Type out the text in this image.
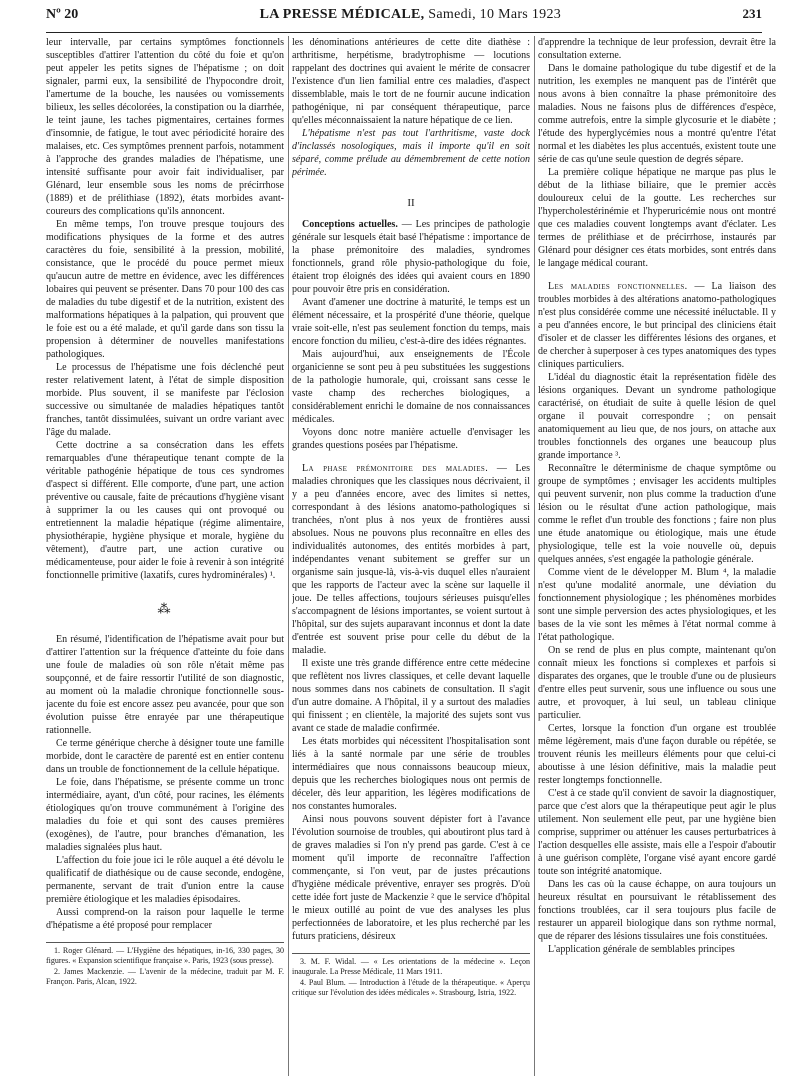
Nº 20	LA PRESSE MÉDICALE, Samedi, 10 Mars 1923	231

leur intervalle, par certains symptômes fonctionnels susceptibles d'attirer l'attention du côté du foie et qu'on peut appeler les petits signes de l'hépatisme ; on doit signaler, parmi eux, la sensibilité de l'hypocondre droit, l'amertume de la bouche, les nausées ou vomissements bilieux, les selles décolorées, la constipation ou la diarrhée, le teint jaune, les taches pigmentaires, certaines formes d'insomnie, de fatigue, le tout avec périodicité horaire des malaises, etc. Ces symptômes prennent parfois, notamment à l'approche des grandes maladies de l'hépatisme, une intensité suffisante pour avoir fait individualiser, par Glénard, leur ensemble sous les noms de précirrhose (1889) et de prélithiase (1892), états morbides avant-coureurs des complications qu'ils annoncent.

En même temps, l'on trouve presque toujours des modifications physiques de la forme et des autres caractères du foie, sensibilité à la pression, mobilité, consistance, que le procédé du pouce permet mieux qu'aucun autre de mettre en évidence, avec les différences lobaires qui peuvent se présenter. Dans 70 pour 100 des cas de maladies du tube digestif et de la nutrition, existent des malformations hépatiques à la palpation, qui prouvent que le foie est ou a été malade, et qu'il garde dans son tissu la propension à déterminer de nouvelles manifestations pathologiques.

Le processus de l'hépatisme une fois déclenché peut rester relativement latent, à l'état de simple disposition morbide. Plus souvent, il se manifeste par l'éclosion successive ou simultanée de maladies hépatiques tantôt franches, tantôt dissimulées, suivant un ordre variant avec l'âge du malade.

Cette doctrine a sa consécration dans les effets remarquables d'une thérapeutique tenant compte de la véritable pathogénie hépatique de tous ces syndromes d'aspect si différent. Elle comporte, d'une part, une action préventive ou causale, faite de précautions d'hygiène visant à supprimer la ou les causes qui ont provoqué ou entretiennent la maladie hépatique (régime alimentaire, physiothérapie, hygiène physique et morale, hygiène du vêtement), d'autre part, une action curative ou médicamenteuse, pour aider le foie à revenir à son intégrité fonctionnelle primitive (laxatifs, cures hydrominérales) ¹.

⁂

En résumé, l'identification de l'hépatisme avait pour but d'attirer l'attention sur la fréquence d'atteinte du foie dans une foule de maladies où son rôle n'était même pas soupçonné, et de faire ressortir l'utilité de son diagnostic, au moment où la maladie chronique fonctionnelle sous-jacente du foie est encore assez peu avancée, pour que son évolution puisse être enrayée par une thérapeutique rationnelle.

Ce terme générique cherche à désigner toute une famille morbide, dont le caractère de parenté est en entier contenu dans un trouble de fonctionnement de la cellule hépatique.

Le foie, dans l'hépatisme, se présente comme un tronc intermédiaire, ayant, d'un côté, pour racines, les éléments étiologiques qu'on trouve communément à l'origine des maladies du foie et qui sont des causes premières (exogènes), de l'autre, pour branches d'émanation, les maladies signalées plus haut.

L'affection du foie joue ici le rôle auquel a été dévolu le qualificatif de diathésique ou de cause seconde, endogène, permanente, servant de trait d'union entre la cause première étiologique et les maladies épisodaires.

Aussi comprend-on la raison pour laquelle le terme d'hépatisme a été proposé pour remplacer

1. Roger Glénard. — L'Hygiène des hépatiques, in-16, 330 pages, 30 figures. « Expansion scientifique française ». Paris, 1923 (sous presse).

2. James Mackenzie. — L'avenir de la médecine, traduit par M. F. Françon. Paris, Alcan, 1922.

les dénominations antérieures de cette dite diathèse : arthritisme, herpétisme, bradytrophisme — locutions rappelant des doctrines qui avaient le mérite de consacrer l'existence d'un lien familial entre ces maladies, d'aspect dissemblable, mais le tort de ne fournir aucune indication pathogénique, ni par conséquent thérapeutique, parce qu'elles méconnaissaient la nature hépatique de ce lien.

L'hépatisme n'est pas tout l'arthritisme, vaste dock d'inclassés nosologiques, mais il importe qu'il en soit séparé, comme prélude au démembrement de cette notion périmée.

II

Conceptions actuelles. — Les principes de pathologie générale sur lesquels était basé l'hépatisme : importance de la phase prémonitoire des maladies, syndromes fonctionnels, grand rôle physio-pathologique du foie, étaient trop éloignés des idées qui avaient cours en 1890 pour pouvoir être pris en considération.

Avant d'amener une doctrine à maturité, le temps est un élément nécessaire, et la prospérité d'une théorie, quelque vraie soit-elle, n'est pas seulement fonction du temps, mais encore fonction du milieu, c'est-à-dire des idées régnantes.

Mais aujourd'hui, aux enseignements de l'École organicienne se sont peu à peu substituées les suggestions de la pathologie humorale, qui, croissant sans cesse le vaste champ des recherches biologiques, a considérablement enrichi le domaine de nos connaissances médicales.

Voyons donc notre manière actuelle d'envisager les grandes questions posées par l'hépatisme.

La phase prémonitoire des maladies. — Les maladies chroniques que les classiques nous décrivaient, il y a peu d'années encore, avec des limites si nettes, correspondant à des lésions anatomo-pathologiques si tranchées, n'ont plus à nos yeux de frontières aussi absolues. Nous ne pouvons plus reconnaître en elles des individualités autonomes, des entités morbides à part, indépendantes venant subitement se greffer sur un organisme sain jusque-là, vis-à-vis duquel elles n'auraient que les rapports de l'acteur avec la scène sur laquelle il joue. De telles affections, toujours sérieuses puisqu'elles s'accompagnent de lésions importantes, se voient surtout à l'hôpital, sur des sujets auparavant inconnus et dont la date d'entrée est souvent prise pour celle du début de la maladie.

Il existe une très grande différence entre cette médecine que reflètent nos livres classiques, et celle devant laquelle nous sommes dans nos cabinets de consultation. Il s'agit d'un autre domaine. A l'hôpital, il y a surtout des maladies qui finissent ; en clientèle, la majorité des sujets sont vus avant ce stade de maladie confirmée.

Les états morbides qui nécessitent l'hospitalisation sont liés à la santé normale par une série de troubles intermédiaires que nous connaissons beaucoup mieux, depuis que les recherches biologiques nous ont permis de déceler, dès leur apparition, les légères modifications de nos constantes humorales.

Ainsi nous pouvons souvent dépister fort à l'avance l'évolution sournoise de troubles, qui aboutiront plus tard à de graves maladies si l'on n'y prend pas garde. C'est à ce moment qu'il importe de reconnaître l'affection commençante, si l'on veut, par de justes précautions d'hygiène médicale préventive, enrayer ses progrès. D'où cette idée fort juste de Mackenzie ² que le service d'hôpital le mieux outillé au point de vue des analyses les plus perfectionnées de laboratoire, et les plus recherché par les futurs praticiens, désireux

3. M. F. Widal. — « Les orientations de la médecine ». Leçon inaugurale. La Presse Médicale, 11 Mars 1911.

4. Paul Blum. — Introduction à l'étude de la thérapeutique. « Aperçu critique sur l'évolution des idées médicales ». Strasbourg, Istria, 1922.

d'apprendre la technique de leur profession, devrait être la consultation externe.

Dans le domaine pathologique du tube digestif et de la nutrition, les exemples ne manquent pas de l'intérêt que nous avons à bien connaître la phase prémonitoire des maladies. Nous ne faisons plus de différences d'espèce, comme autrefois, entre la simple glycosurie et le diabète ; l'étude des hyperglycémies nous a montré qu'entre l'état normal et les diabètes les plus accentués, existent toute une série de cas qu'une seule question de degrés sépare.

La première colique hépatique ne marque pas plus le début de la lithiase biliaire, que le premier accès douloureux celui de la goutte. Les recherches sur l'hypercholestérinémie et l'hyperuricémie nous ont montré que ces maladies couvent longtemps avant d'éclater. Les termes de prélithiase et de précirrhose, instaurés par Glénard pour désigner ces états morbides, sont entrés dans le langage médical courant.

Les maladies fonctionnelles. — La liaison des troubles morbides à des altérations anatomo-pathologiques n'est plus considérée comme une nécessité inéluctable. Il y a peu d'années encore, le but principal des cliniciens était d'isoler et de classer les différentes lésions des organes, et de chercher à superposer à ces types anatomiques des types cliniques particuliers.

L'idéal du diagnostic était la représentation fidèle des lésions organiques. Devant un syndrome pathologique caractérisé, on étudiait de suite à quelle lésion de quel organe il pouvait correspondre ; on pensait anatomiquement au lieu que, de nos jours, on attache aux troubles fonctionnels des organes une beaucoup plus grande importance ³.

Reconnaître le déterminisme de chaque symptôme ou groupe de symptômes ; envisager les accidents multiples qui peuvent survenir, non plus comme la traduction d'une lésion ou le résultat d'une action pathologique, mais comme le reflet d'un trouble des fonctions ; faire non plus une étude anatomique ou étiologique, mais une étude physiologique, telle est la voie nouvelle où, depuis quelques années, s'est engagée la pathologie générale.

Comme vient de le développer M. Blum ⁴, la maladie n'est qu'une modalité anormale, une déviation du fonctionnement physiologique ; les phénomènes morbides sont une simple perversion des actes physiologiques, et les bases de la vie sont les mêmes à l'état normal comme à l'état pathologique.

On se rend de plus en plus compte, maintenant qu'on connaît mieux les fonctions si complexes et parfois si disparates des organes, que le trouble d'une ou de plusieurs d'entre elles peut survenir, sous une influence ou sous une autre, et provoquer, à lui seul, un tableau clinique particulier.

Certes, lorsque la fonction d'un organe est troublée même légèrement, mais d'une façon durable ou répétée, se trouvent réunis les meilleurs éléments pour que celui-ci aboutisse à une lésion définitive, mais la maladie peut rester longtemps fonctionnelle.

C'est à ce stade qu'il convient de savoir la diagnostiquer, parce que c'est alors que la thérapeutique peut agir le plus utilement. Non seulement elle peut, par une hygiène bien comprise, supprimer ou atténuer les causes perturbatrices à l'action desquelles elle assiste, mais elle a l'espoir d'aboutir à une guérison complète, l'organe visé ayant encore gardé toute son intégrité anatomique.

Dans les cas où la cause échappe, on aura toujours un heureux résultat en poursuivant le rétablissement des fonctions troublées, car il sera toujours plus facile de restaurer un appareil biologique dans son rythme normal, que de réparer des lésions tissulaires une fois constituées.

L'application générale de semblables principes
